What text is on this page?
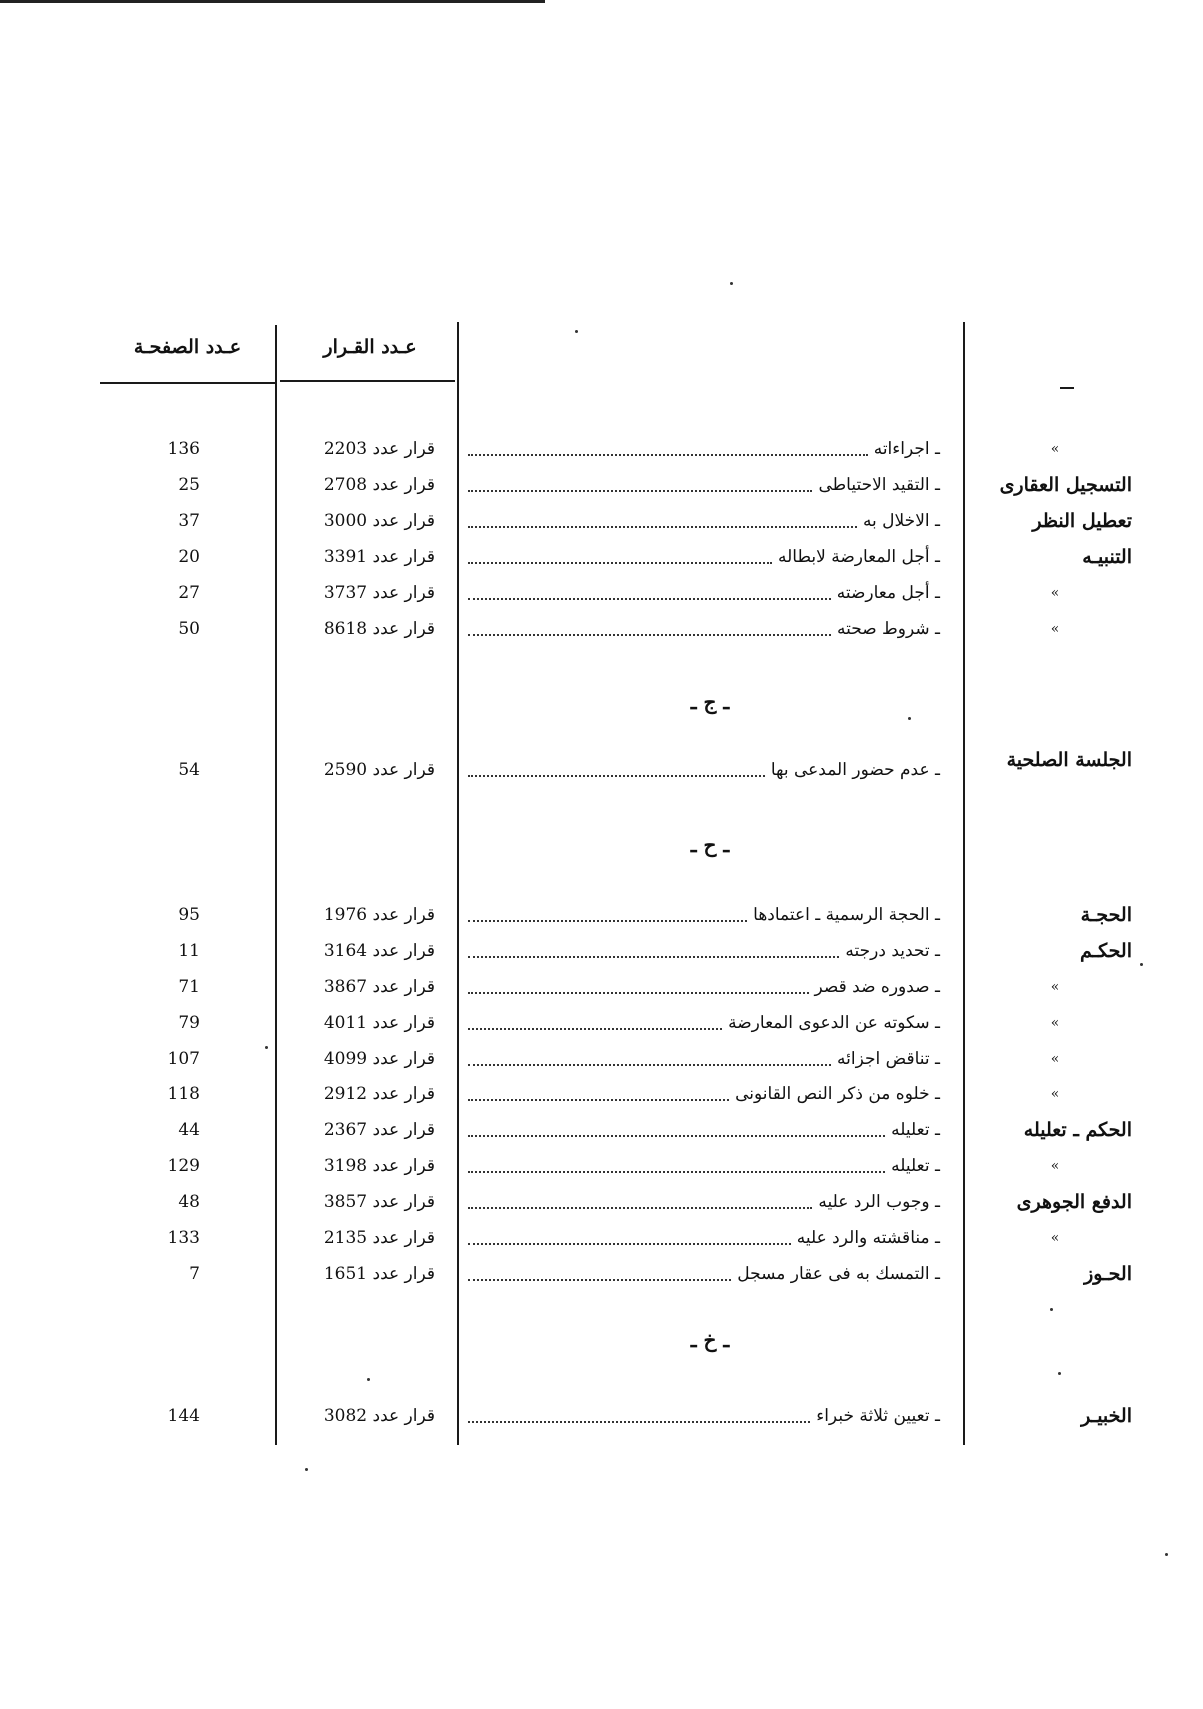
عـدد الصفحـة	عـدد القـرار
136	قرار عدد 2203	ـ اجراءاته	»
25	قرار عدد 2708	ـ التقيد الاحتياطى	التسجيل العقارى
37	قرار عدد 3000	ـ الاخلال به	تعطيل النظر
20	قرار عدد 3391	ـ أجل المعارضة لابطاله	التنبيـه
27	قرار عدد 3737	ـ أجل معارضته	»
50	قرار عدد 8618	ـ شروط صحته	»
ـ ج ـ
54	قرار عدد 2590	ـ عدم حضور المدعى بها	الجلسة الصلحية
ـ ح ـ
95	قرار عدد 1976	ـ الحجة الرسمية ـ اعتمادها	الحجـة
11	قرار عدد 3164	ـ تحديد درجته	الحكـم
71	قرار عدد 3867	ـ صدوره ضد قصر	»
79	قرار عدد 4011	ـ سكوته عن الدعوى المعارضة	»
107	قرار عدد 4099	ـ تناقض اجزائه	»
118	قرار عدد 2912	ـ خلوه من ذكر النص القانونى	»
44	قرار عدد 2367	ـ تعليله	الحكم ـ تعليله
129	قرار عدد 3198	ـ تعليله	»
48	قرار عدد 3857	ـ وجوب الرد عليه	الدفع الجوهرى
133	قرار عدد 2135	ـ مناقشته والرد عليه	»
7	قرار عدد 1651	ـ التمسك به فى عقار مسجل	الحـوز
ـ خ ـ
144	قرار عدد 3082	ـ تعيين ثلاثة خبراء	الخبيـر
